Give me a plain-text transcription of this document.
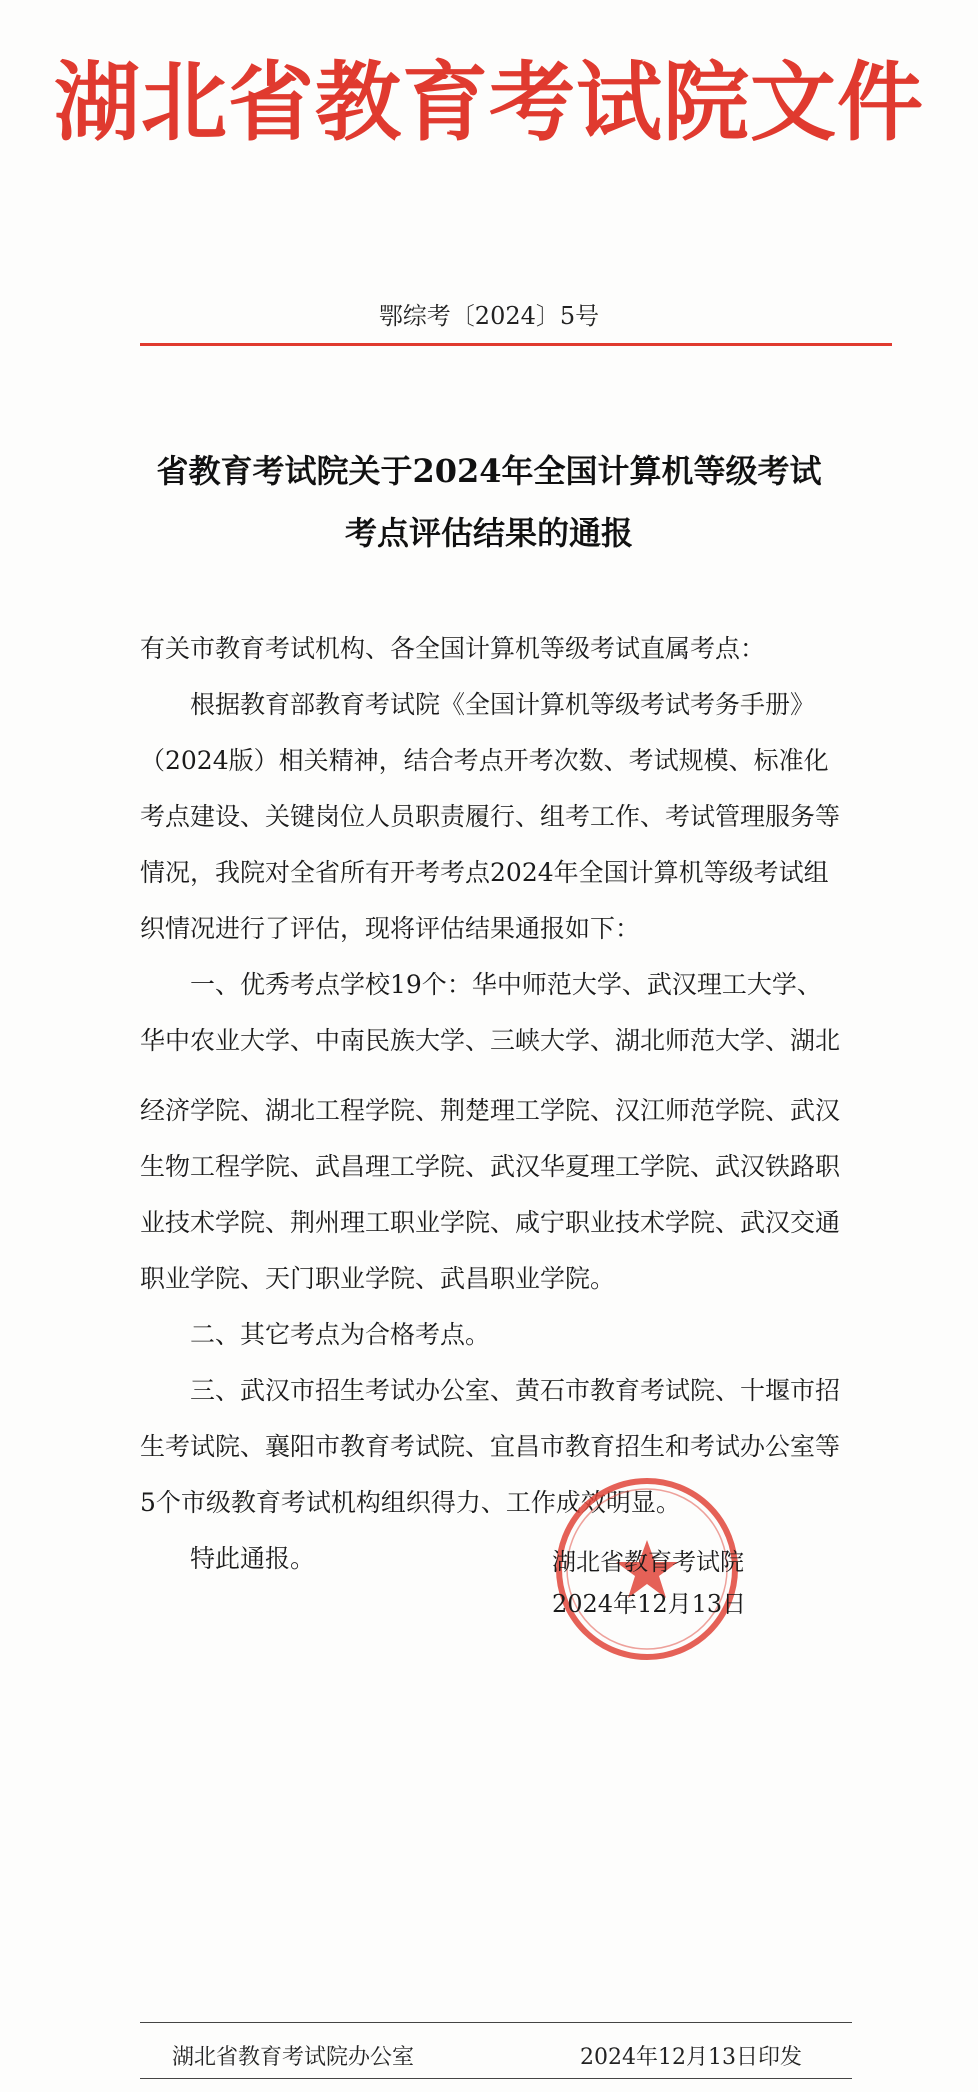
湖北省教育考试院文件
鄂综考〔2024〕5号
省教育考试院关于2024年全国计算机等级考试
考点评估结果的通报
有关市教育考试机构、各全国计算机等级考试直属考点：
　　根据教育部教育考试院《全国计算机等级考试考务手册》
（2024版）相关精神，结合考点开考次数、考试规模、标准化
考点建设、关键岗位人员职责履行、组考工作、考试管理服务等
情况，我院对全省所有开考考点2024年全国计算机等级考试组
织情况进行了评估，现将评估结果通报如下：
　　一、优秀考点学校19个：华中师范大学、武汉理工大学、
华中农业大学、中南民族大学、三峡大学、湖北师范大学、湖北
经济学院、湖北工程学院、荆楚理工学院、汉江师范学院、武汉
生物工程学院、武昌理工学院、武汉华夏理工学院、武汉铁路职
业技术学院、荆州理工职业学院、咸宁职业技术学院、武汉交通
职业学院、天门职业学院、武昌职业学院。
　　二、其它考点为合格考点。
　　三、武汉市招生考试办公室、黄石市教育考试院、十堰市招
生考试院、襄阳市教育考试院、宜昌市教育招生和考试办公室等
5个市级教育考试机构组织得力、工作成效明显。
　　特此通报。	湖北省教育考试院
2024年12月13日
湖北省教育考试院办公室	2024年12月13日印发
